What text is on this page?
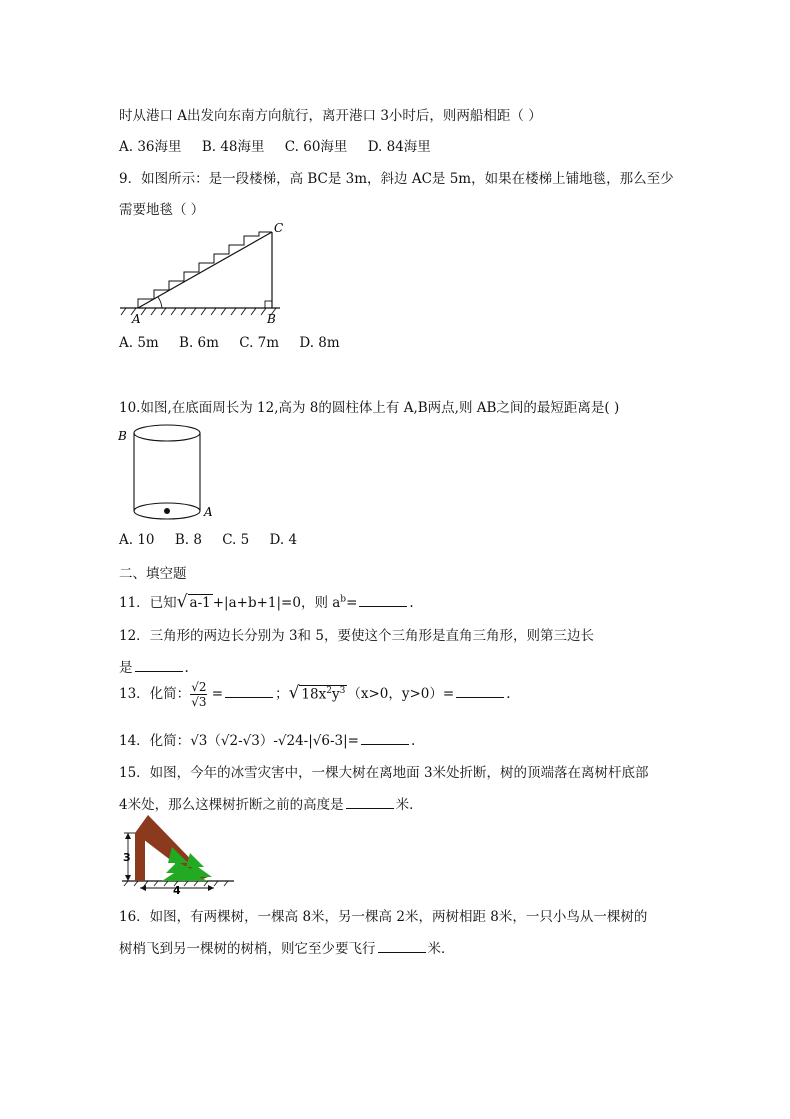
时从港口 A出发向东南方向航行，离开港口 3小时后，则两船相距（ ）
A. 36海里 B. 48海里 C. 60海里 D. 84海里
9．如图所示：是一段楼梯，高 BC是 3m，斜边 AC是 5m，如果在楼梯上铺地毯，那么至少
需要地毯（ ）
A	B
C
A. 5m B. 6m C. 7m D. 8m
10.如图,在底面周长为 12,高为 8的圆柱体上有 A,B两点,则 AB之间的最短距离是( )
B
A
A. 10 B. 8 C. 5 D. 4
二、填空题
11．已知√ a-1 +|a+b+1|=0，则 $a^b=$	.
12．三角形的两边长分别为 3和 5，要使这个三角形是直角三角形，则第三边长
是	.
13．化简： $\frac{√2}{√3}$ =	；√ $18x^2y^3$ （x>0，y>0）=	.
14．化简：√3（√2-√3）-√24-|√6-3|=	.
15．如图，今年的冰雪灾害中，一棵大树在离地面 3米处折断，树的顶端落在离树杆底部
4米处，那么这棵树折断之前的高度是	米．
3
4
16．如图，有两棵树，一棵高 8米，另一棵高 2米，两树相距 8米，一只小鸟从一棵树的
树梢飞到另一棵树的树梢，则它至少要飞行	米．
